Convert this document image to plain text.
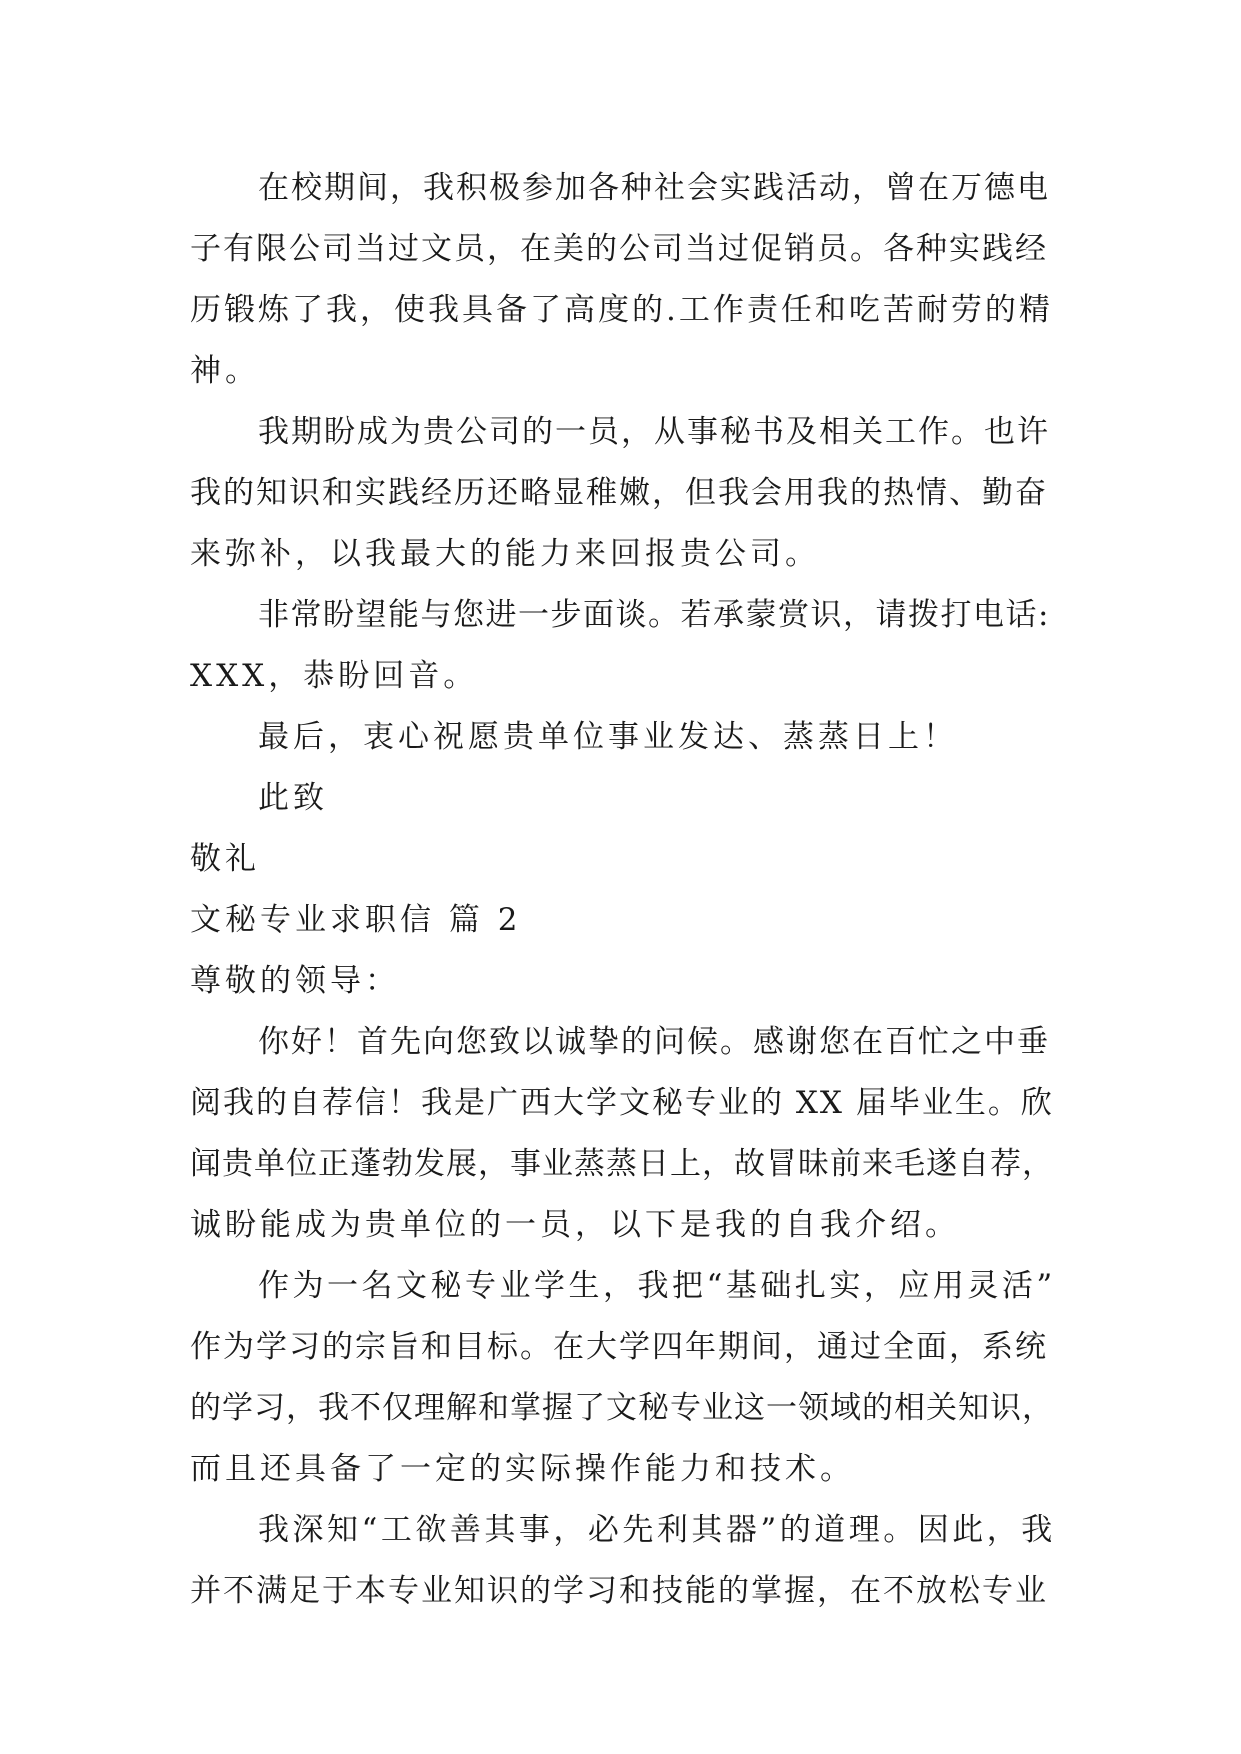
在校期间，我积极参加各种社会实践活动，曾在万德电
子有限公司当过文员，在美的公司当过促销员。各种实践经
历锻炼了我，使我具备了高度的.工作责任和吃苦耐劳的精
神。
我期盼成为贵公司的一员，从事秘书及相关工作。也许
我的知识和实践经历还略显稚嫩，但我会用我的热情、勤奋
来弥补，以我最大的能力来回报贵公司。
非常盼望能与您进一步面谈。若承蒙赏识，请拨打电话:
XXX，恭盼回音。
最后，衷心祝愿贵单位事业发达、蒸蒸日上！
此致
敬礼
文秘专业求职信 篇 2
尊敬的领导：
你好！首先向您致以诚挚的问候。感谢您在百忙之中垂
阅我的自荐信！我是广西大学文秘专业的 XX 届毕业生。欣
闻贵单位正蓬勃发展，事业蒸蒸日上，故冒昧前来毛遂自荐，
诚盼能成为贵单位的一员，以下是我的自我介绍。
作为一名文秘专业学生，我把“基础扎实，应用灵活”
作为学习的宗旨和目标。在大学四年期间，通过全面，系统
的学习，我不仅理解和掌握了文秘专业这一领域的相关知识，
而且还具备了一定的实际操作能力和技术。
我深知“工欲善其事，必先利其器”的道理。因此，我
并不满足于本专业知识的学习和技能的掌握，在不放松专业
